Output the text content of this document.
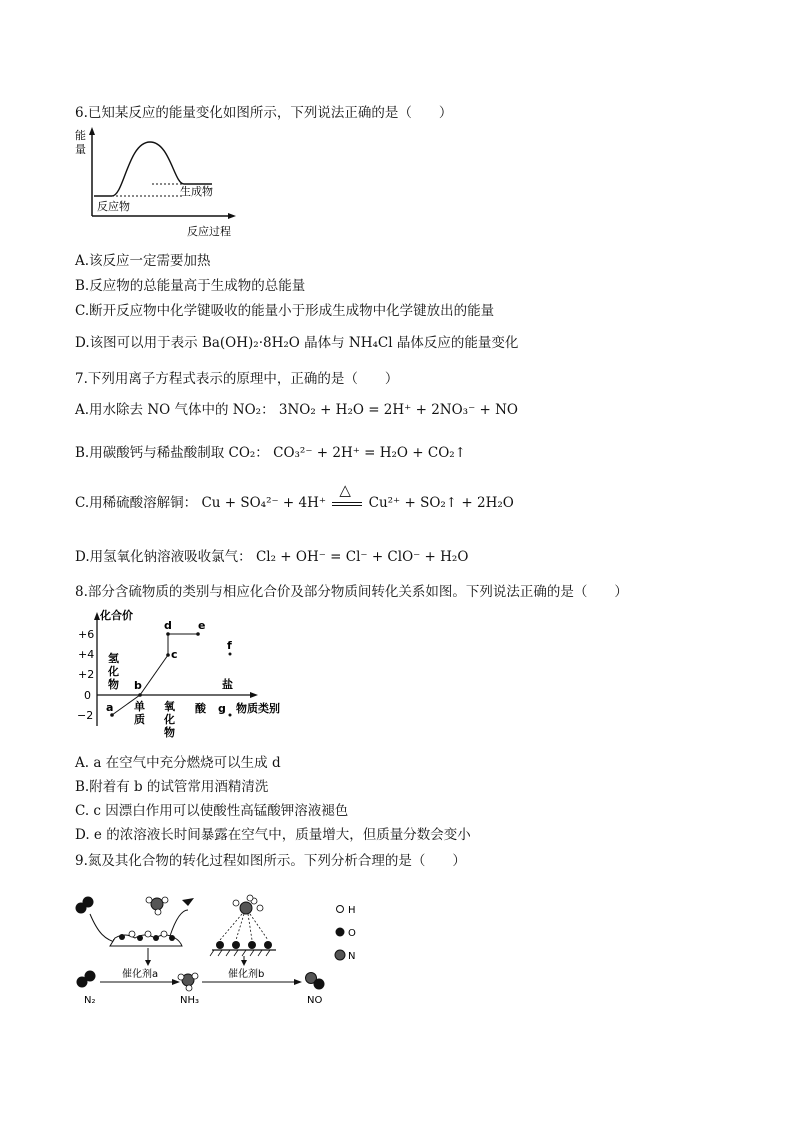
6.已知某反应的能量变化如图所示，下列说法正确的是（　　）
能
量
生成物
反应物
反应过程
A.该反应一定需要加热
B.反应物的总能量高于生成物的总能量
C.断开反应物中化学键吸收的能量小于形成生成物中化学键放出的能量
D.该图可以用于表示 Ba(OH)₂·8H₂O 晶体与 NH₄Cl 晶体反应的能量变化
7.下列用离子方程式表示的原理中，正确的是（　　）
A.用水除去 NO 气体中的 NO₂： 3NO₂ + H₂O = 2H⁺ + 2NO₃⁻ + NO
B.用碳酸钙与稀盐酸制取 CO₂： CO₃²⁻ + 2H⁺ = H₂O + CO₂↑
C.用稀硫酸溶解铜： Cu + SO₄²⁻ + 4H⁺
△
Cu²⁺ + SO₂↑ + 2H₂O
D.用氢氧化钠溶液吸收氯气： Cl₂ + OH⁻ = Cl⁻ + ClO⁻ + H₂O
8.部分含硫物质的类别与相应化合价及部分物质间转化关系如图。下列说法正确的是（　　）
+6
+4
+2
0
−2
化合价
物质类别
氢
化
物
单
质
氧
化
物
酸
盐
a
b
c
d e
f
g
A. a 在空气中充分燃烧可以生成 d
B.附着有 b 的试管常用酒精清洗
C. c 因漂白作用可以使酸性高锰酸钾溶液褪色
D. e 的浓溶液长时间暴露在空气中，质量增大，但质量分数会变小
9.氮及其化合物的转化过程如图所示。下列分析合理的是（　　）
催化剂a	催化剂b
N₂	NH₃	NO
H
O
N
